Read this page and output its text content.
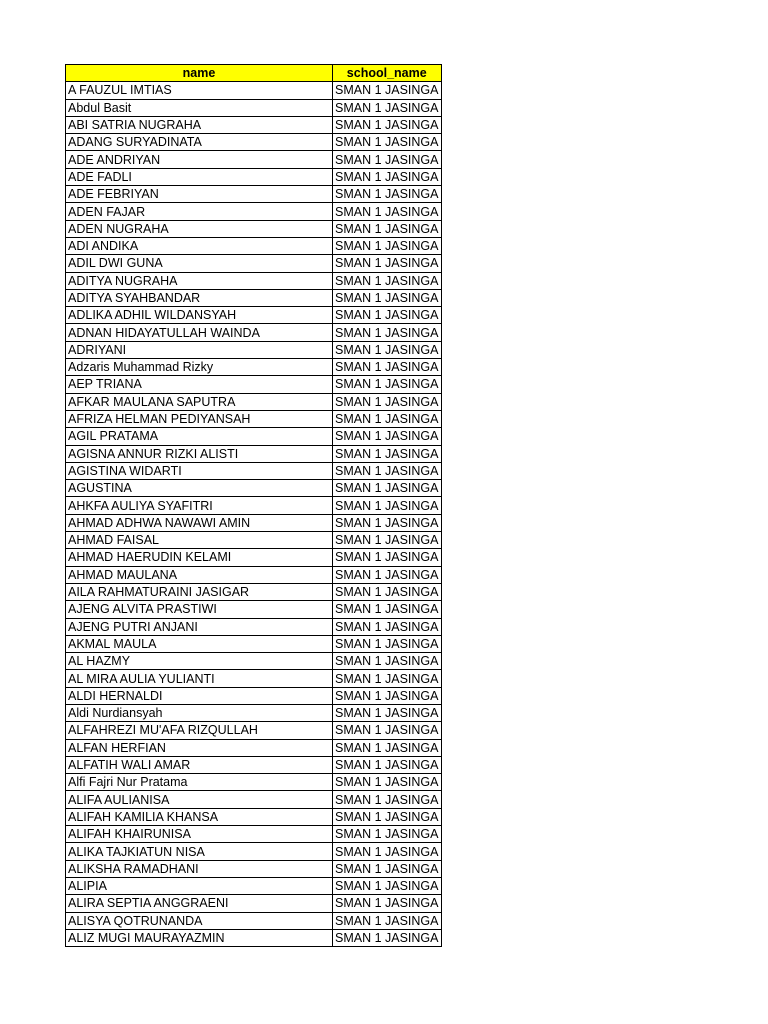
name	school_name
A FAUZUL IMTIAS	SMAN 1 JASINGA
Abdul Basit	SMAN 1 JASINGA
ABI SATRIA NUGRAHA	SMAN 1 JASINGA
ADANG SURYADINATA	SMAN 1 JASINGA
ADE ANDRIYAN	SMAN 1 JASINGA
ADE FADLI	SMAN 1 JASINGA
ADE FEBRIYAN	SMAN 1 JASINGA
ADEN FAJAR	SMAN 1 JASINGA
ADEN NUGRAHA	SMAN 1 JASINGA
ADI ANDIKA	SMAN 1 JASINGA
ADIL DWI GUNA	SMAN 1 JASINGA
ADITYA NUGRAHA	SMAN 1 JASINGA
ADITYA SYAHBANDAR	SMAN 1 JASINGA
ADLIKA ADHIL WILDANSYAH	SMAN 1 JASINGA
ADNAN HIDAYATULLAH WAINDA	SMAN 1 JASINGA
ADRIYANI	SMAN 1 JASINGA
Adzaris Muhammad Rizky	SMAN 1 JASINGA
AEP TRIANA	SMAN 1 JASINGA
AFKAR MAULANA SAPUTRA	SMAN 1 JASINGA
AFRIZA HELMAN PEDIYANSAH	SMAN 1 JASINGA
AGIL PRATAMA	SMAN 1 JASINGA
AGISNA ANNUR RIZKI ALISTI	SMAN 1 JASINGA
AGISTINA WIDARTI	SMAN 1 JASINGA
AGUSTINA	SMAN 1 JASINGA
AHKFA AULIYA SYAFITRI	SMAN 1 JASINGA
AHMAD ADHWA NAWAWI AMIN	SMAN 1 JASINGA
AHMAD FAISAL	SMAN 1 JASINGA
AHMAD HAERUDIN KELAMI	SMAN 1 JASINGA
AHMAD MAULANA	SMAN 1 JASINGA
AILA RAHMATURAINI JASIGAR	SMAN 1 JASINGA
AJENG ALVITA PRASTIWI	SMAN 1 JASINGA
AJENG PUTRI ANJANI	SMAN 1 JASINGA
AKMAL MAULA	SMAN 1 JASINGA
AL HAZMY	SMAN 1 JASINGA
AL MIRA AULIA YULIANTI	SMAN 1 JASINGA
ALDI HERNALDI	SMAN 1 JASINGA
Aldi Nurdiansyah	SMAN 1 JASINGA
ALFAHREZI MU'AFA RIZQULLAH	SMAN 1 JASINGA
ALFAN HERFIAN	SMAN 1 JASINGA
ALFATIH WALI AMAR	SMAN 1 JASINGA
Alfi Fajri Nur Pratama	SMAN 1 JASINGA
ALIFA AULIANISA	SMAN 1 JASINGA
ALIFAH KAMILIA KHANSA	SMAN 1 JASINGA
ALIFAH KHAIRUNISA	SMAN 1 JASINGA
ALIKA TAJKIATUN NISA	SMAN 1 JASINGA
ALIKSHA RAMADHANI	SMAN 1 JASINGA
ALIPIA	SMAN 1 JASINGA
ALIRA SEPTIA ANGGRAENI	SMAN 1 JASINGA
ALISYA QOTRUNANDA	SMAN 1 JASINGA
ALIZ MUGI MAURAYAZMIN	SMAN 1 JASINGA
